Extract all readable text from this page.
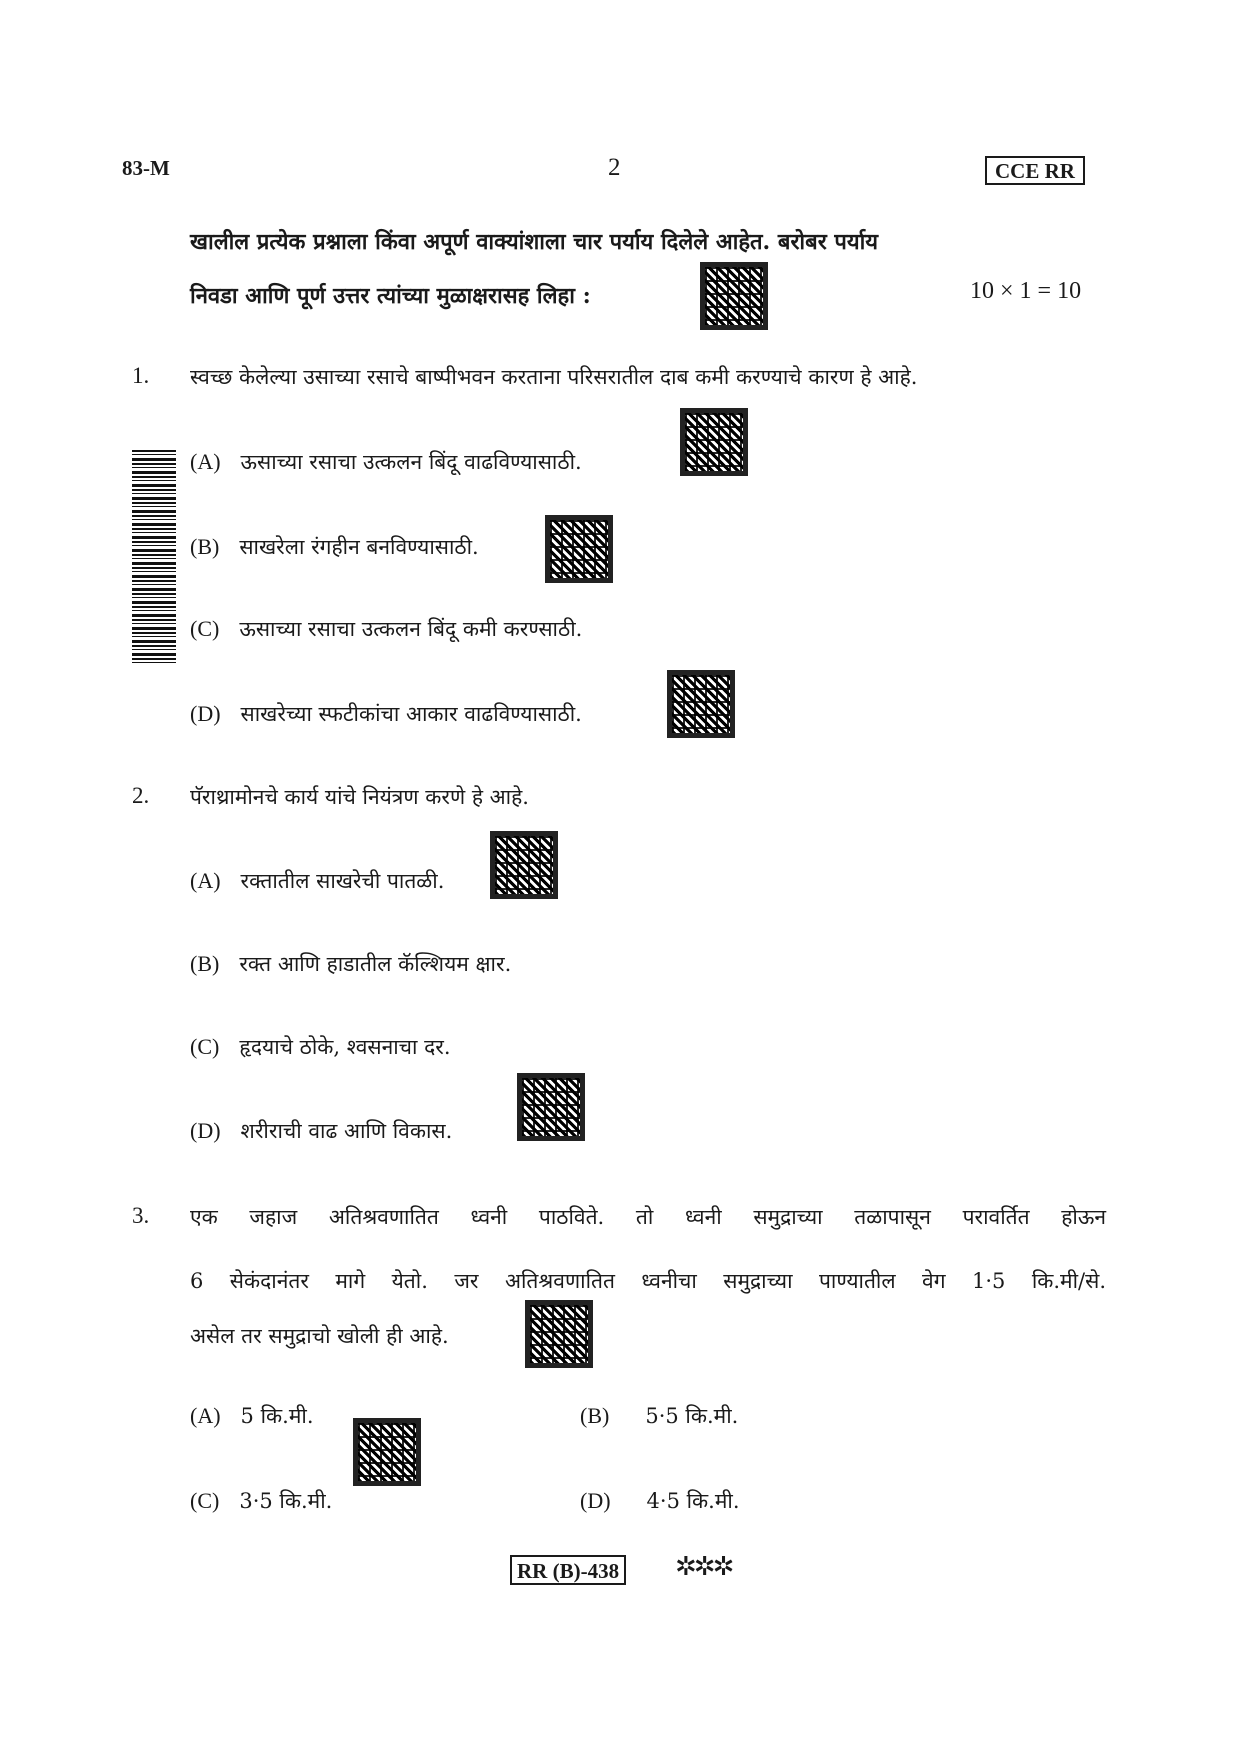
83-M	2	CCE RR
खालील प्रत्येक प्रश्नाला किंवा अपूर्ण वाक्यांशाला चार पर्याय दिलेले आहेत. बरोबर पर्याय
निवडा आणि पूर्ण उत्तर त्यांच्या मुळाक्षरासह लिहा :	10 × 1 = 10
1. स्वच्छ केलेल्या उसाच्या रसाचे बाष्पीभवन करताना परिसरातील दाब कमी करण्याचे कारण हे आहे.
(A) ऊसाच्या रसाचा उत्कलन बिंदू वाढविण्यासाठी.
(B) साखरेला रंगहीन बनविण्यासाठी.
(C) ऊसाच्या रसाचा उत्कलन बिंदू कमी करण्साठी.
(D) साखरेच्या स्फटीकांचा आकार वाढविण्यासाठी.
2. पॅराथ्रामोनचे कार्य यांचे नियंत्रण करणे हे आहे.
(A) रक्तातील साखरेची पातळी.
(B) रक्त आणि हाडातील कॅल्शियम क्षार.
(C) हृदयाचे ठोके, श्वसनाचा दर.
(D) शरीराची वाढ आणि विकास.
3. एक जहाज अतिश्रवणातित ध्वनी पाठविते. तो ध्वनी समुद्राच्या तळापासून परावर्तित होऊन
6 सेकंदानंतर मागे येतो. जर अतिश्रवणातित ध्वनीचा समुद्राच्या पाण्यातील वेग 1·5 कि.मी/से.
असेल तर समुद्राचो खोली ही आहे.
(A) 5 कि.मी.	(B) 5·5 कि.मी.
(C) 3·5 कि.मी.	(D) 4·5 कि.मी.
RR (B)-438 ✲✲✲
